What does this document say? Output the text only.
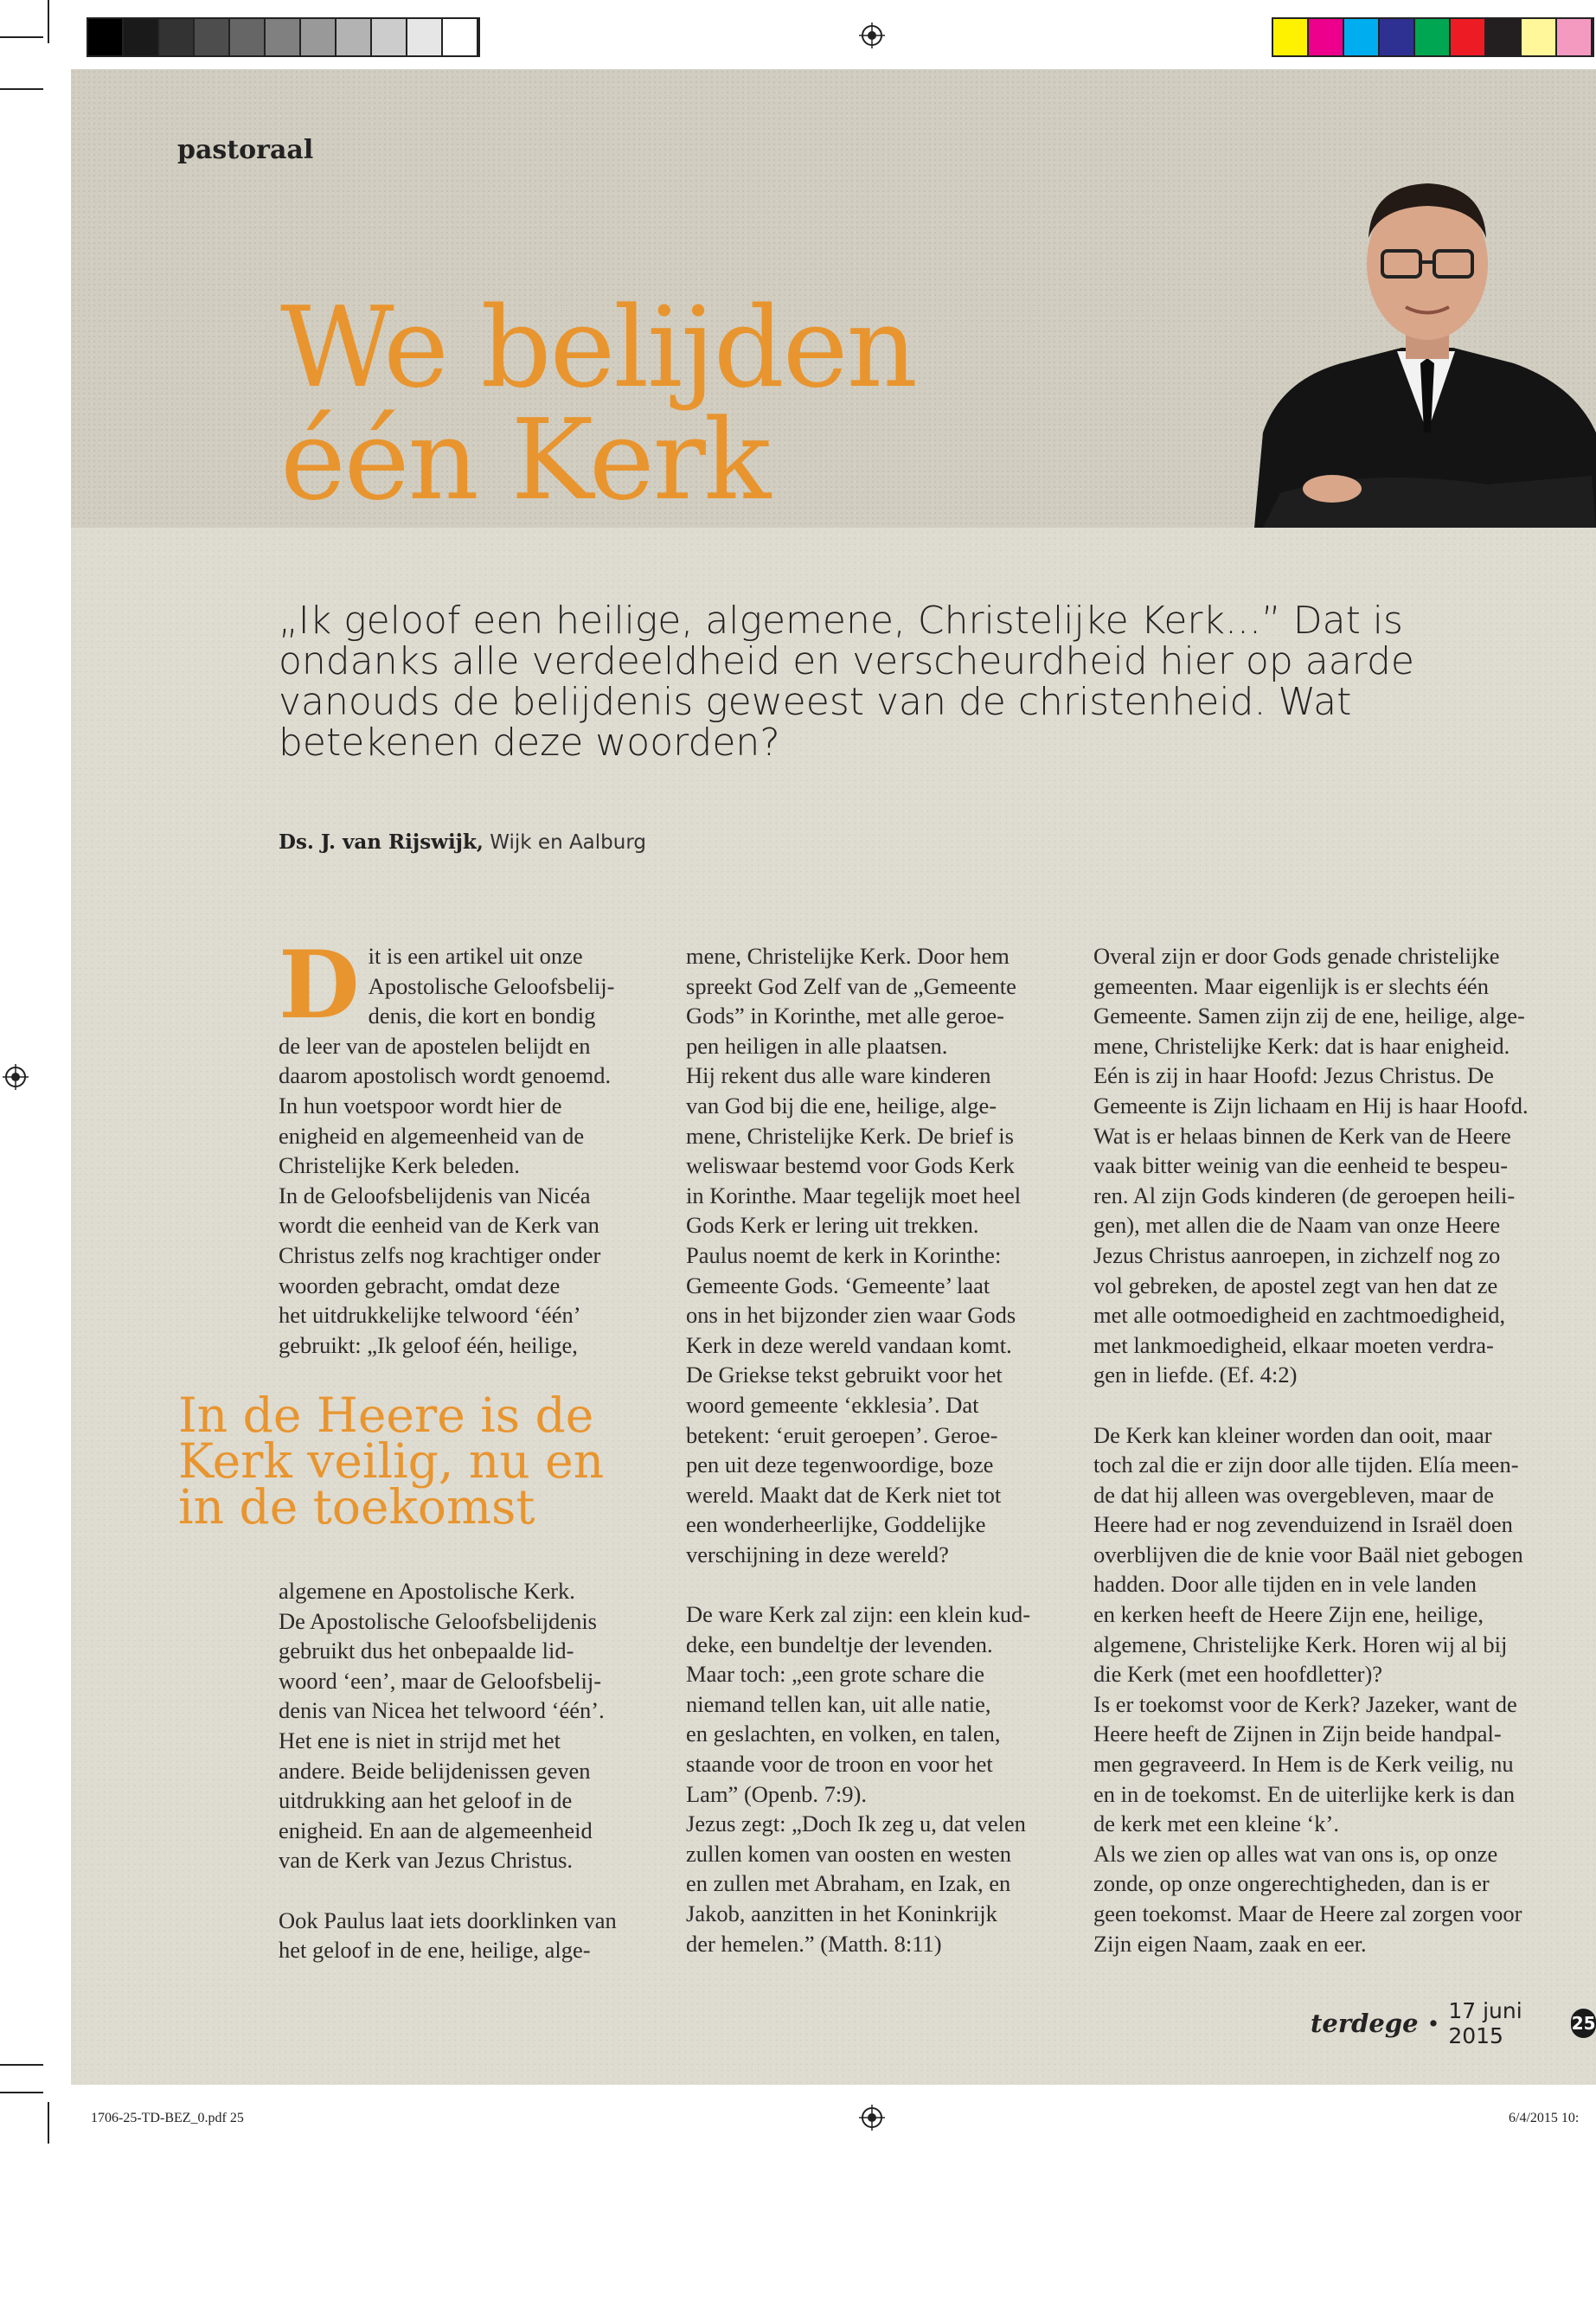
1706-25-TD-BEZ_0.pdf 25	6/4/2015 10:
pastoraal
We belijden
één Kerk

„Ik geloof een heilige, algemene, Christelijke Kerk...” Dat is
ondanks alle verdeeldheid en verscheurdheid hier op aarde
vanouds de belijdenis geweest van de christenheid. Wat
betekenen deze woorden?

Ds. J. van Rijswijk, Wijk en Aalburg
D it is een artikel uit onze

Apostolische Geloofsbelij-

denis, die kort en bondig

de leer van de apostelen belijdt en

daarom apostolisch wordt genoemd.

In hun voetspoor wordt hier de

enigheid en algemeenheid van de

Christelijke Kerk beleden.

In de Geloofsbelijdenis van Nicéa

wordt die eenheid van de Kerk van

Christus zelfs nog krachtiger onder

woorden gebracht, omdat deze

het uitdrukkelijke telwoord ‘één’

gebruikt: „Ik geloof één, heilige,

In de Heere is de
Kerk veilig, nu en
in de toekomst

algemene en Apostolische Kerk.

De Apostolische Geloofsbelijdenis

gebruikt dus het onbepaalde lid-

woord ‘een’, maar de Geloofsbelij-

denis van Nicea het telwoord ‘één’.

Het ene is niet in strijd met het

andere. Beide belijdenissen geven

uitdrukking aan het geloof in de

enigheid. En aan de algemeenheid

van de Kerk van Jezus Christus.

Ook Paulus laat iets doorklinken van

het geloof in de ene, heilige, alge-

mene, Christelijke Kerk. Door hem

spreekt God Zelf van de „Gemeente

Gods” in Korinthe, met alle geroe-

pen heiligen in alle plaatsen.

Hij rekent dus alle ware kinderen

van God bij die ene, heilige, alge-

mene, Christelijke Kerk. De brief is

weliswaar bestemd voor Gods Kerk

in Korinthe. Maar tegelijk moet heel

Gods Kerk er lering uit trekken.

Paulus noemt de kerk in Korinthe:

Gemeente Gods. ‘Gemeente’ laat

ons in het bijzonder zien waar Gods

Kerk in deze wereld vandaan komt.

De Griekse tekst gebruikt voor het

woord gemeente ‘ekklesia’. Dat

betekent: ‘eruit geroepen’. Geroe-

pen uit deze tegenwoordige, boze

wereld. Maakt dat de Kerk niet tot

een wonderheerlijke, Goddelijke

verschijning in deze wereld?

De ware Kerk zal zijn: een klein kud-

deke, een bundeltje der levenden.

Maar toch: „een grote schare die

niemand tellen kan, uit alle natie,

en geslachten, en volken, en talen,

staande voor de troon en voor het

Lam” (Openb. 7:9).

Jezus zegt: „Doch Ik zeg u, dat velen

zullen komen van oosten en westen

en zullen met Abraham, en Izak, en

Jakob, aanzitten in het Koninkrijk

der hemelen.” (Matth. 8:11)

Overal zijn er door Gods genade christelijke

gemeenten. Maar eigenlijk is er slechts één

Gemeente. Samen zijn zij de ene, heilige, alge-

mene, Christelijke Kerk: dat is haar enigheid.

Eén is zij in haar Hoofd: Jezus Christus. De

Gemeente is Zijn lichaam en Hij is haar Hoofd.

Wat is er helaas binnen de Kerk van de Heere

vaak bitter weinig van die eenheid te bespeu-

ren. Al zijn Gods kinderen (de geroepen heili-

gen), met allen die de Naam van onze Heere

Jezus Christus aanroepen, in zichzelf nog zo

vol gebreken, de apostel zegt van hen dat ze

met alle ootmoedigheid en zachtmoedigheid,

met lankmoedigheid, elkaar moeten verdra-

gen in liefde. (Ef. 4:2)

De Kerk kan kleiner worden dan ooit, maar

toch zal die er zijn door alle tijden. Elía meen-

de dat hij alleen was overgebleven, maar de

Heere had er nog zevenduizend in Israël doen

overblijven die de knie voor Baäl niet gebogen

hadden. Door alle tijden en in vele landen

en kerken heeft de Heere Zijn ene, heilige,

algemene, Christelijke Kerk. Horen wij al bij

die Kerk (met een hoofdletter)?

Is er toekomst voor de Kerk? Jazeker, want de

Heere heeft de Zijnen in Zijn beide handpal-

men gegraveerd. In Hem is de Kerk veilig, nu

en in de toekomst. En de uiterlijke kerk is dan

de kerk met een kleine ‘k’.

Als we zien op alles wat van ons is, op onze

zonde, op onze ongerechtigheden, dan is er

geen toekomst. Maar de Heere zal zorgen voor

Zijn eigen Naam, zaak en eer.

terdege • 17 juni 2015	25
